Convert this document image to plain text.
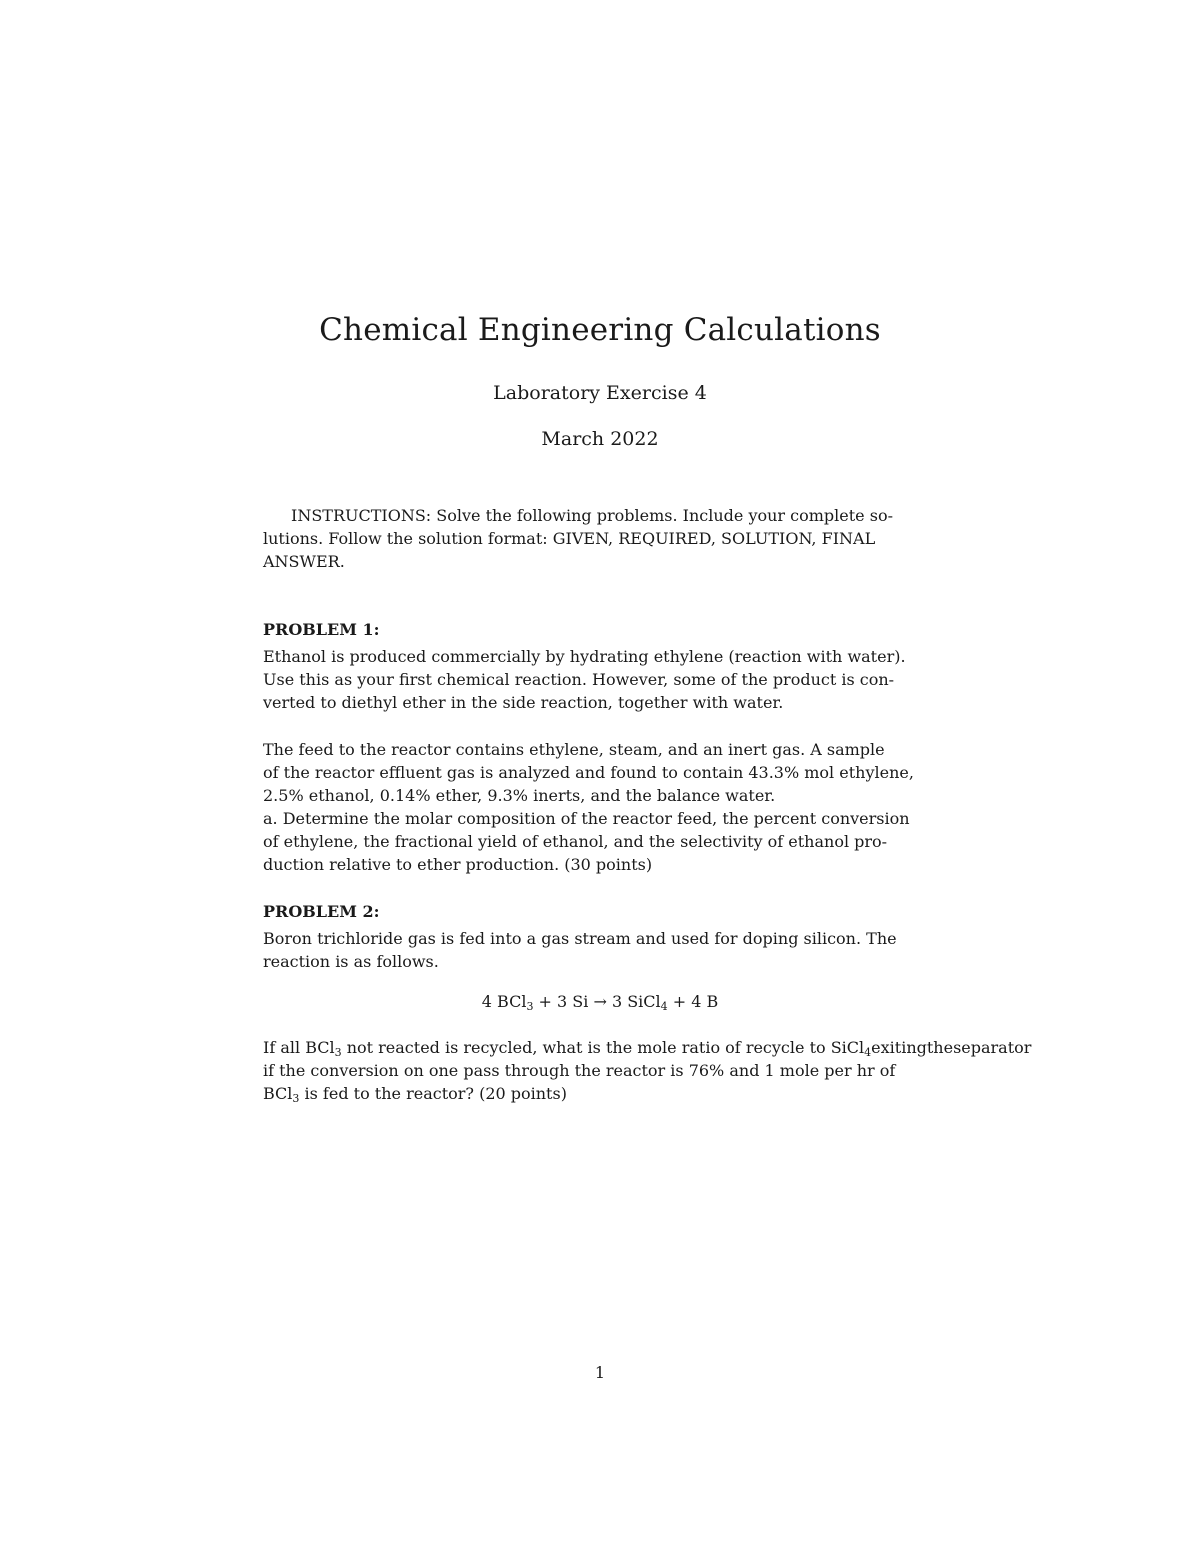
Chemical Engineering Calculations

Laboratory Exercise 4

March 2022

INSTRUCTIONS: Solve the following problems. Include your complete so-
lutions. Follow the solution format: GIVEN, REQUIRED, SOLUTION, FINAL
ANSWER.

PROBLEM 1:

Ethanol is produced commercially by hydrating ethylene (reaction with water).
Use this as your first chemical reaction. However, some of the product is con-
verted to diethyl ether in the side reaction, together with water.
The feed to the reactor contains ethylene, steam, and an inert gas. A sample
of the reactor effluent gas is analyzed and found to contain 43.3% mol ethylene,
2.5% ethanol, 0.14% ether, 9.3% inerts, and the balance water.
a. Determine the molar composition of the reactor feed, the percent conversion
of ethylene, the fractional yield of ethanol, and the selectivity of ethanol pro-
duction relative to ether production. (30 points)

PROBLEM 2:

Boron trichloride gas is fed into a gas stream and used for doping silicon. The
reaction is as follows.

4 BCl$_3$ + 3 Si → 3 SiCl$_4$ + 4 B

If all BCl$_3$ not reacted is recycled, what is the mole ratio of recycle to SiCl$_4$exitingtheseparator
if the conversion on one pass through the reactor is 76% and 1 mole per hr of
BCl$_3$ is fed to the reactor? (20 points)

1
